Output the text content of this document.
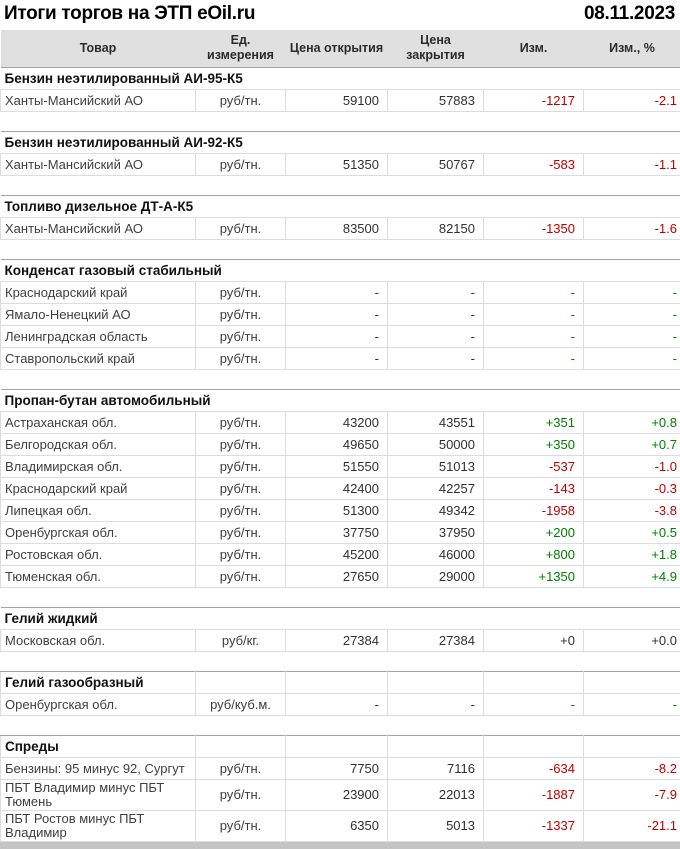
Итоги торгов на ЭТП eOil.ru	08.11.2023
Товар	Ед. измерения	Цена открытия	Цена закрытия	Изм.	Изм., %
Бензин неэтилированный АИ-95-К5					
Ханты-Мансийский АО	руб/тн.	59100	57883	-1217	-2.1

Бензин неэтилированный АИ-92-К5					
Ханты-Мансийский АО	руб/тн.	51350	50767	-583	-1.1

Топливо дизельное ДТ-А-К5					
Ханты-Мансийский АО	руб/тн.	83500	82150	-1350	-1.6

Конденсат газовый стабильный					
Краснодарский край	руб/тн.	-	-	-	-
Ямало-Ненецкий АО	руб/тн.	-	-	-	-
Ленинградская область	руб/тн.	-	-	-	-
Ставропольский край	руб/тн.	-	-	-	-

Пропан-бутан автомобильный					
Астраханская обл.	руб/тн.	43200	43551	+351	+0.8
Белгородская обл.	руб/тн.	49650	50000	+350	+0.7
Владимирская обл.	руб/тн.	51550	51013	-537	-1.0
Краснодарский край	руб/тн.	42400	42257	-143	-0.3
Липецкая обл.	руб/тн.	51300	49342	-1958	-3.8
Оренбургская обл.	руб/тн.	37750	37950	+200	+0.5
Ростовская обл.	руб/тн.	45200	46000	+800	+1.8
Тюменская обл.	руб/тн.	27650	29000	+1350	+4.9

Гелий жидкий					
Московская обл.	руб/кг.	27384	27384	+0	+0.0

Гелий газообразный					
Оренбургская обл.	руб/куб.м.	-	-	-	-

Спреды					
Бензины: 95 минус 92, Сургут	руб/тн.	7750	7116	-634	-8.2
ПБТ Владимир минус ПБТ Тюмень	руб/тн.	23900	22013	-1887	-7.9
ПБТ Ростов минус ПБТ Владимир	руб/тн.	6350	5013	-1337	-21.1
